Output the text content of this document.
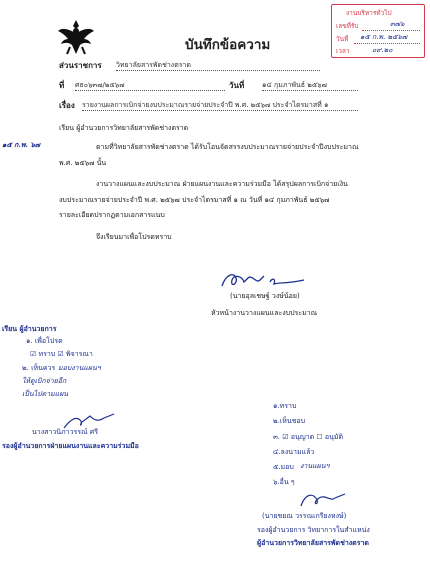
งานบริหารทั่วไป
เลขที่รับ	๓๗๖
วันที่ ๑๕ ก.พ. ๒๕๖๗
เวลา	๐๙.๒๐
บันทึกข้อความ
ส่วนราชการ วิทยาลัยสารพัดช่างตราด
ที่ ศธ๐๖๓๗/๒๕๖๗	วันที่	๑๔ กุมภาพันธ์ ๒๕๖๗
เรื่อง รายงานผลการเบิกจ่ายงบประมาณรายจ่ายประจำปี พ.ศ. ๒๕๖๗ ประจำไตรมาสที่ ๑
เรียน ผู้อำนวยการวิทยาลัยสารพัดช่างตราด
๑๕ ก.พ. ๖๗	ตามที่วิทยาลัยสารพัดช่างตราด ได้รับโอนจัดสรรงบประมาณรายจ่ายประจำปีงบประมาณ
พ.ศ. ๒๕๖๗ นั้น
งานวางแผนและงบประมาณ ฝ่ายแผนงานและความร่วมมือ ได้สรุปผลการเบิกจ่ายเงิน
งบประมาณรายจ่ายประจำปี พ.ศ. ๒๕๖๗ ประจำไตรมาสที่ ๑ ณ วันที่ ๑๔ กุมภาพันธ์ ๒๕๖๗
รายละเอียดปรากฏตามเอกสารแนบ
จึงเรียนมาเพื่อโปรดทราบ
(นายอุลเชษฐ์ วงษ์น้อย)
หัวหน้างานวางแผนและงบประมาณ
เรียน ผู้อำนวยการ
๑. เพื่อโปรด
☑ ทราบ ☑ พิจารณา
๒. เห็นควร มอบงานแผนฯ
ให้ดูเบิกจ่ายอีก
เป็นไปตามแผน
นางสาวนิภาวรรณ์ ศรี
รองผู้อำนวยการฝ่ายแผนงานและความร่วมมือ
๑.ทราบ
๒.เห็นชอบ
๓. ☑ อนุญาต ☐ อนุมัติ
๔.ลงนามแล้ว
๕.มอบ งานแผนฯ
๖.อื่น ๆ
(นายชยณ วรรณเกรียงหงษ์)
รองผู้อำนวยการ วิทยาการในสำแหน่ง
ผู้อำนวยการวิทยาลัยสารพัดช่างตราด
